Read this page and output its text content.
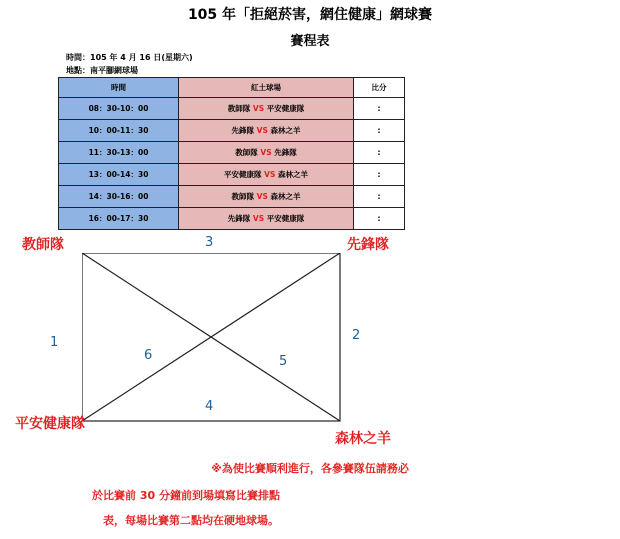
105 年「拒絕菸害，網住健康」網球賽
賽程表
時間：105 年 4 月 16 日(星期六)
地點：南平腳網球場
時間	紅土球場	比分
08：30-10：00	教師隊 VS 平安健康隊	:
10：00-11：30	先鋒隊 VS 森林之羊	:
11：30-13：00	教師隊 VS 先鋒隊	:
13：00-14：30	平安健康隊 VS 森林之羊	:
14：30-16：00	教師隊 VS 森林之羊	:
16：00-17：30	先鋒隊 VS 平安健康隊	:
教師隊	先鋒隊
平安健康隊
森林之羊
3
2
4
1
6	5
※為使比賽順利進行，各參賽隊伍請務必
於比賽前 30 分鐘前到場填寫比賽排點
表，每場比賽第二點均在硬地球場。
